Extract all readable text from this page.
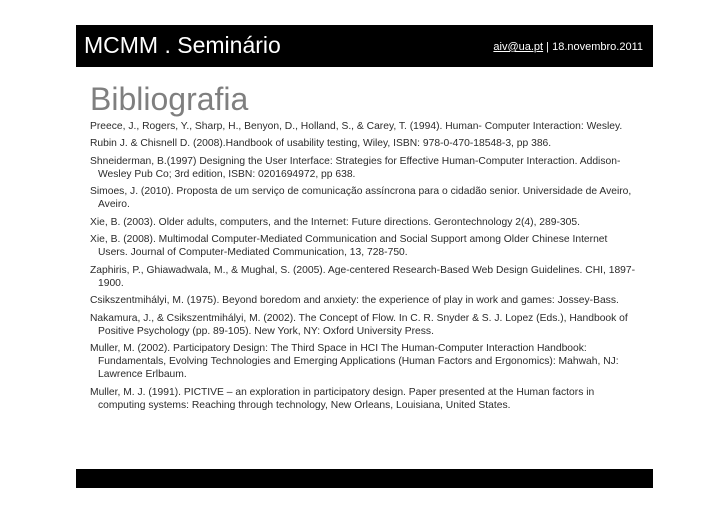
MCMM . Seminário	aiv@ua.pt | 18.novembro.2011
Bibliografia
Preece, J., Rogers, Y., Sharp, H., Benyon, D., Holland, S., & Carey, T. (1994). Human- Computer Interaction: Wesley.
Rubin J. & Chisnell D. (2008).Handbook of usability testing, Wiley, ISBN: 978-0-470-18548-3, pp 386.
Shneiderman, B.(1997) Designing the User Interface: Strategies for Effective Human-Computer Interaction. Addison-Wesley Pub Co; 3rd edition, ISBN: 0201694972, pp 638.
Simoes, J. (2010). Proposta de um serviço de comunicação assíncrona para o cidadão senior. Universidade de Aveiro, Aveiro.
Xie, B. (2003). Older adults, computers, and the Internet: Future directions. Gerontechnology 2(4), 289-305.
Xie, B. (2008). Multimodal Computer-Mediated Communication and Social Support among Older Chinese Internet Users. Journal of Computer-Mediated Communication, 13, 728-750.
Zaphiris, P., Ghiawadwala, M., & Mughal, S. (2005). Age-centered Research-Based Web Design Guidelines. CHI, 1897-1900.
Csikszentmihályi, M. (1975). Beyond boredom and anxiety: the experience of play in work and games: Jossey-Bass.
Nakamura, J., & Csikszentmihályi, M. (2002). The Concept of Flow. In C. R. Snyder & S. J. Lopez (Eds.), Handbook of Positive Psychology (pp. 89-105). New York, NY: Oxford University Press.
Muller, M. (2002). Participatory Design: The Third Space in HCI The Human-Computer Interaction Handbook: Fundamentals, Evolving Technologies and Emerging Applications (Human Factors and Ergonomics): Mahwah, NJ: Lawrence Erlbaum.
Muller, M. J. (1991). PICTIVE – an exploration in participatory design. Paper presented at the Human factors in computing systems: Reaching through technology, New Orleans, Louisiana, United States.
